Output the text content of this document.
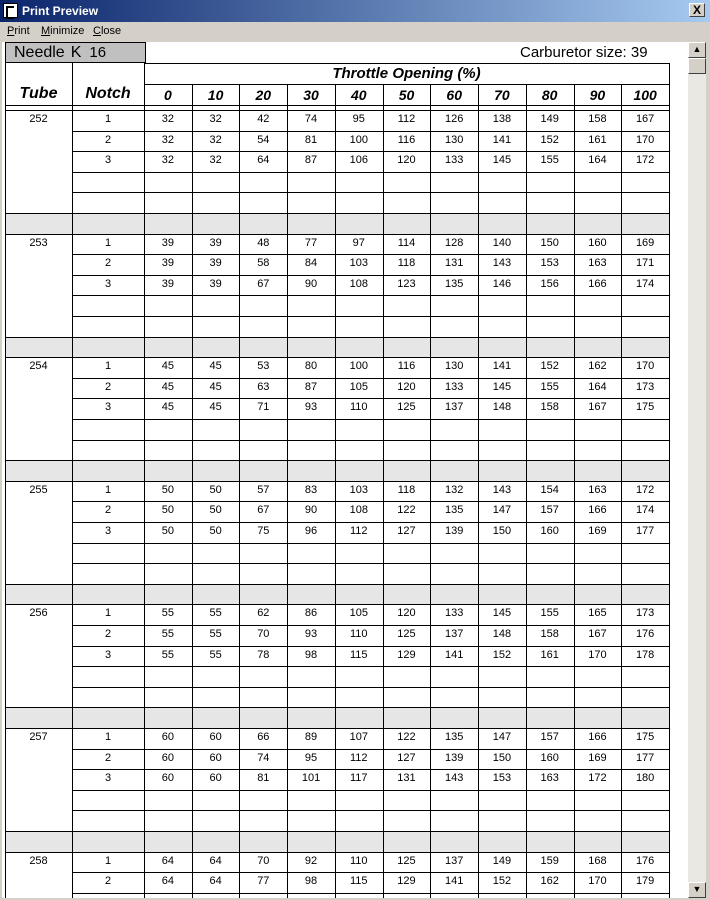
Print Preview	X
Print Minimize Close
Needle K 16	Carburetor size: 39
Tube	Notch
Throttle Opening (%)
0	10	20	30	40	50	60	70	80	90	100
252	1	32	32	42	74	95	112	126	138	149	158	167
2	32	32	54	81	100	116	130	141	152	161	170
3	32	32	64	87	106	120	133	145	155	164	172
253	1	39	39	48	77	97	114	128	140	150	160	169
2	39	39	58	84	103	118	131	143	153	163	171
3	39	39	67	90	108	123	135	146	156	166	174
254	1	45	45	53	80	100	116	130	141	152	162	170
2	45	45	63	87	105	120	133	145	155	164	173
3	45	45	71	93	110	125	137	148	158	167	175
255	1	50	50	57	83	103	118	132	143	154	163	172
2	50	50	67	90	108	122	135	147	157	166	174
3	50	50	75	96	112	127	139	150	160	169	177
256	1	55	55	62	86	105	120	133	145	155	165	173
2	55	55	70	93	110	125	137	148	158	167	176
3	55	55	78	98	115	129	141	152	161	170	178
257	1	60	60	66	89	107	122	135	147	157	166	175
2	60	60	74	95	112	127	139	150	160	169	177
3	60	60	81	101	117	131	143	153	163	172	180
258	1	64	64	70	92	110	125	137	149	159	168	176
2	64	64	77	98	115	129	141	152	162	170	179
▲
▼
